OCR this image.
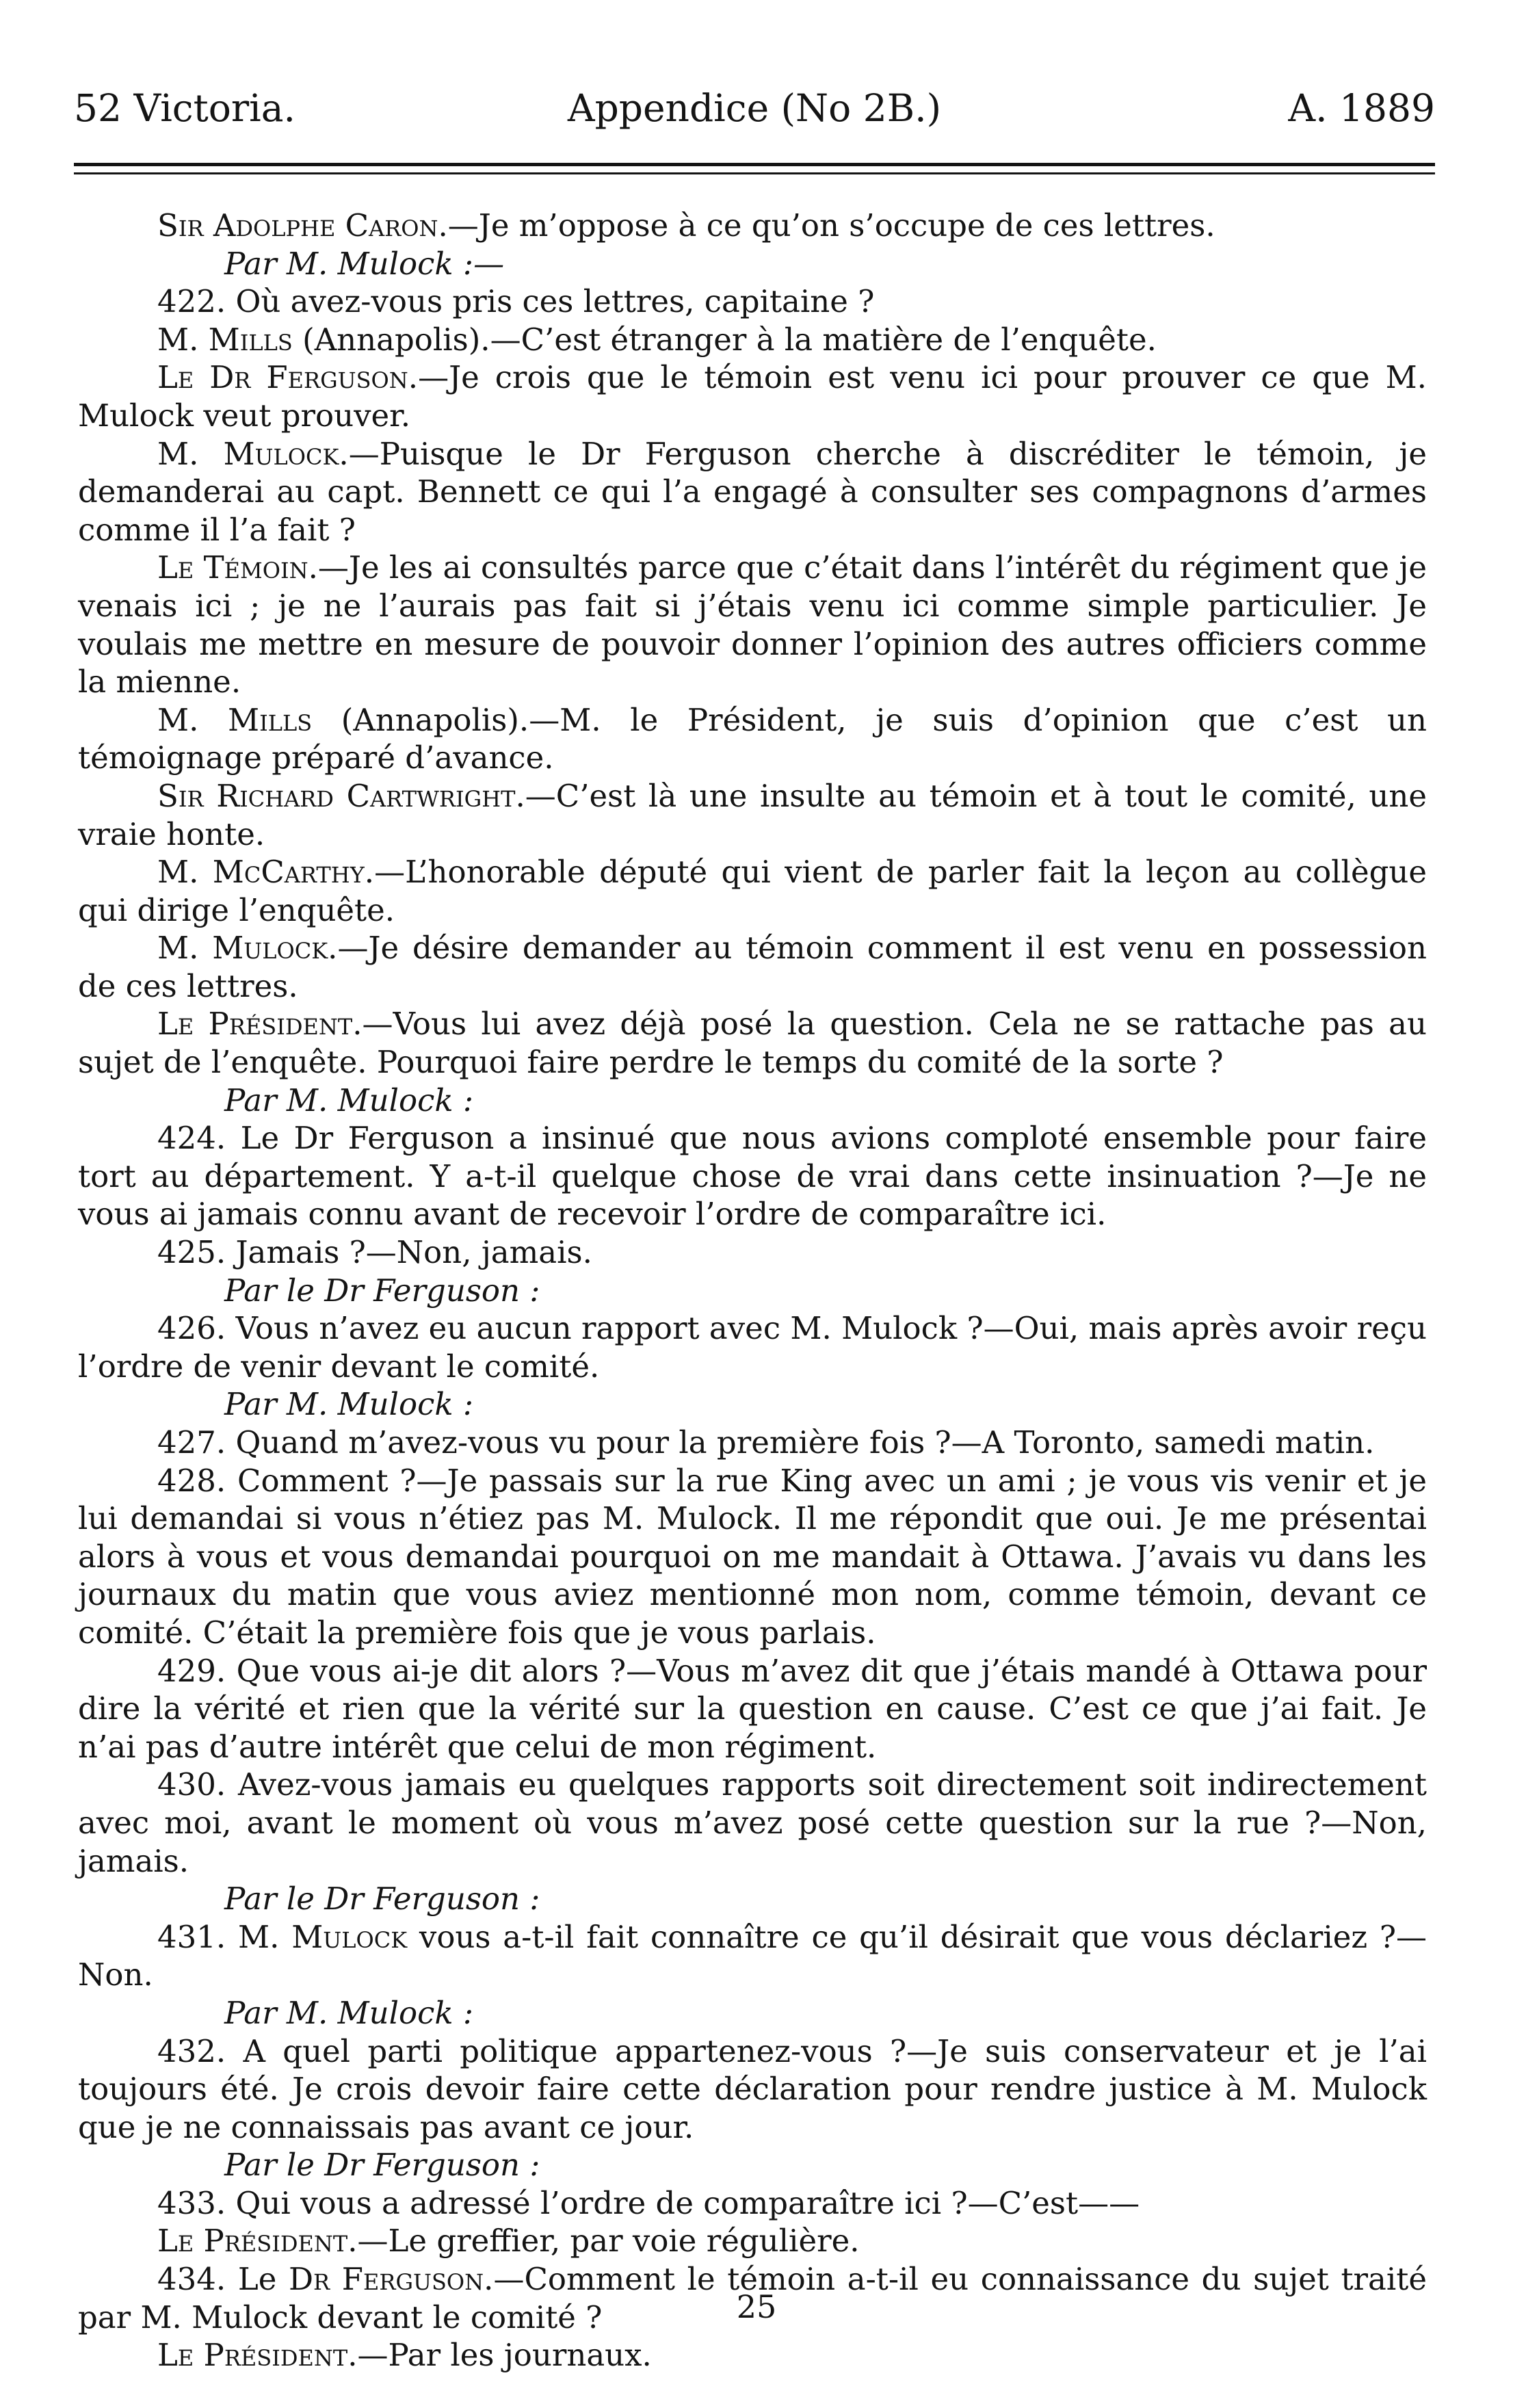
52 Victoria.	Appendice (No 2B.)	A. 1889

Sir Adolphe Caron.—Je m’oppose à ce qu’on s’occupe de ces lettres.

Par M. Mulock :—

422. Où avez-vous pris ces lettres, capitaine ?

M. Mills (Annapolis).—C’est étranger à la matière de l’enquête.

Le Dr Ferguson.—Je crois que le témoin est venu ici pour prouver ce que M. Mulock veut prouver.

M. Mulock.—Puisque le Dr Ferguson cherche à discréditer le témoin, je demanderai au capt. Bennett ce qui l’a engagé à consulter ses compagnons d’armes comme il l’a fait ?

Le Témoin.—Je les ai consultés parce que c’était dans l’intérêt du régiment que je venais ici ; je ne l’aurais pas fait si j’étais venu ici comme simple particulier. Je voulais me mettre en mesure de pouvoir donner l’opinion des autres officiers comme la mienne.

M. Mills (Annapolis).—M. le Président, je suis d’opinion que c’est un témoignage préparé d’avance.

Sir Richard Cartwright.—C’est là une insulte au témoin et à tout le comité, une vraie honte.

M. McCarthy.—L’honorable député qui vient de parler fait la leçon au collègue qui dirige l’enquête.

M. Mulock.—Je désire demander au témoin comment il est venu en possession de ces lettres.

Le Président.—Vous lui avez déjà posé la question. Cela ne se rattache pas au sujet de l’enquête. Pourquoi faire perdre le temps du comité de la sorte ?

Par M. Mulock :

424. Le Dr Ferguson a insinué que nous avions comploté ensemble pour faire tort au département. Y a-t-il quelque chose de vrai dans cette insinuation ?—Je ne vous ai jamais connu avant de recevoir l’ordre de comparaître ici.

425. Jamais ?—Non, jamais.

Par le Dr Ferguson :

426. Vous n’avez eu aucun rapport avec M. Mulock ?—Oui, mais après avoir reçu l’ordre de venir devant le comité.

Par M. Mulock :

427. Quand m’avez-vous vu pour la première fois ?—A Toronto, samedi matin.

428. Comment ?—Je passais sur la rue King avec un ami ; je vous vis venir et je lui demandai si vous n’étiez pas M. Mulock. Il me répondit que oui. Je me présentai alors à vous et vous demandai pourquoi on me mandait à Ottawa. J’avais vu dans les journaux du matin que vous aviez mentionné mon nom, comme témoin, devant ce comité. C’était la première fois que je vous parlais.

429. Que vous ai-je dit alors ?—Vous m’avez dit que j’étais mandé à Ottawa pour dire la vérité et rien que la vérité sur la question en cause. C’est ce que j’ai fait. Je n’ai pas d’autre intérêt que celui de mon régiment.

430. Avez-vous jamais eu quelques rapports soit directement soit indirectement avec moi, avant le moment où vous m’avez posé cette question sur la rue ?—Non, jamais.

Par le Dr Ferguson :

431. M. Mulock vous a-t-il fait connaître ce qu’il désirait que vous déclariez ?—Non.

Par M. Mulock :

432. A quel parti politique appartenez-vous ?—Je suis conservateur et je l’ai toujours été. Je crois devoir faire cette déclaration pour rendre justice à M. Mulock que je ne connaissais pas avant ce jour.

Par le Dr Ferguson :

433. Qui vous a adressé l’ordre de comparaître ici ?—C’est——

Le Président.—Le greffier, par voie régulière.

434. Le Dr Ferguson.—Comment le témoin a-t-il eu connaissance du sujet traité par M. Mulock devant le comité ?

Le Président.—Par les journaux.

25
